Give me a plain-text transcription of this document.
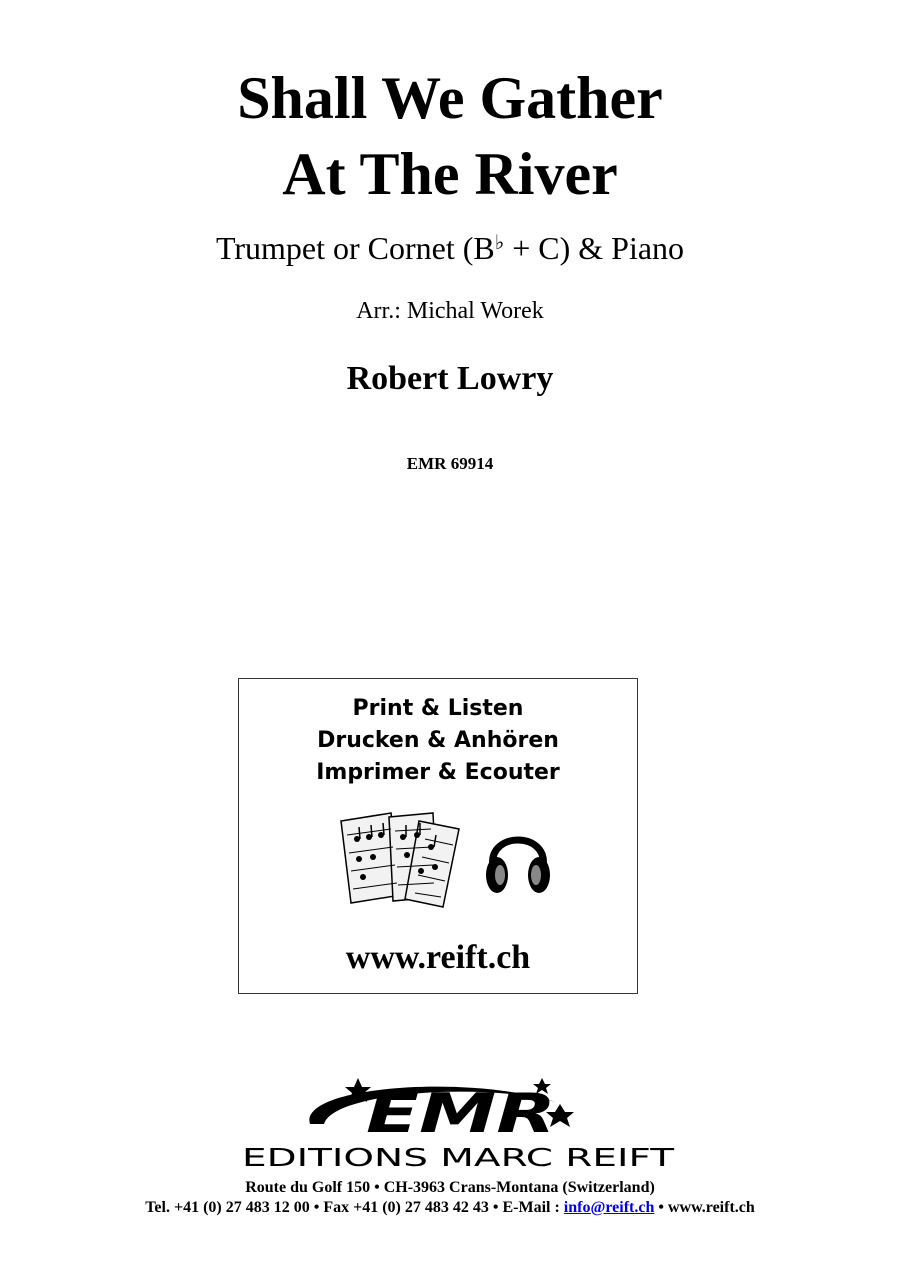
Shall We Gather
At The River
Trumpet or Cornet (B♭ + C) & Piano
Arr.: Michal Worek
Robert Lowry
EMR 69914
Print & Listen
Drucken & Anhören
Imprimer & Ecouter
www.reift.ch
EMR
EDITIONS MARC REIFT
Route du Golf 150 • CH-3963 Crans-Montana (Switzerland)
Tel. +41 (0) 27 483 12 00 • Fax +41 (0) 27 483 42 43 • E-Mail : info@reift.ch • www.reift.ch
